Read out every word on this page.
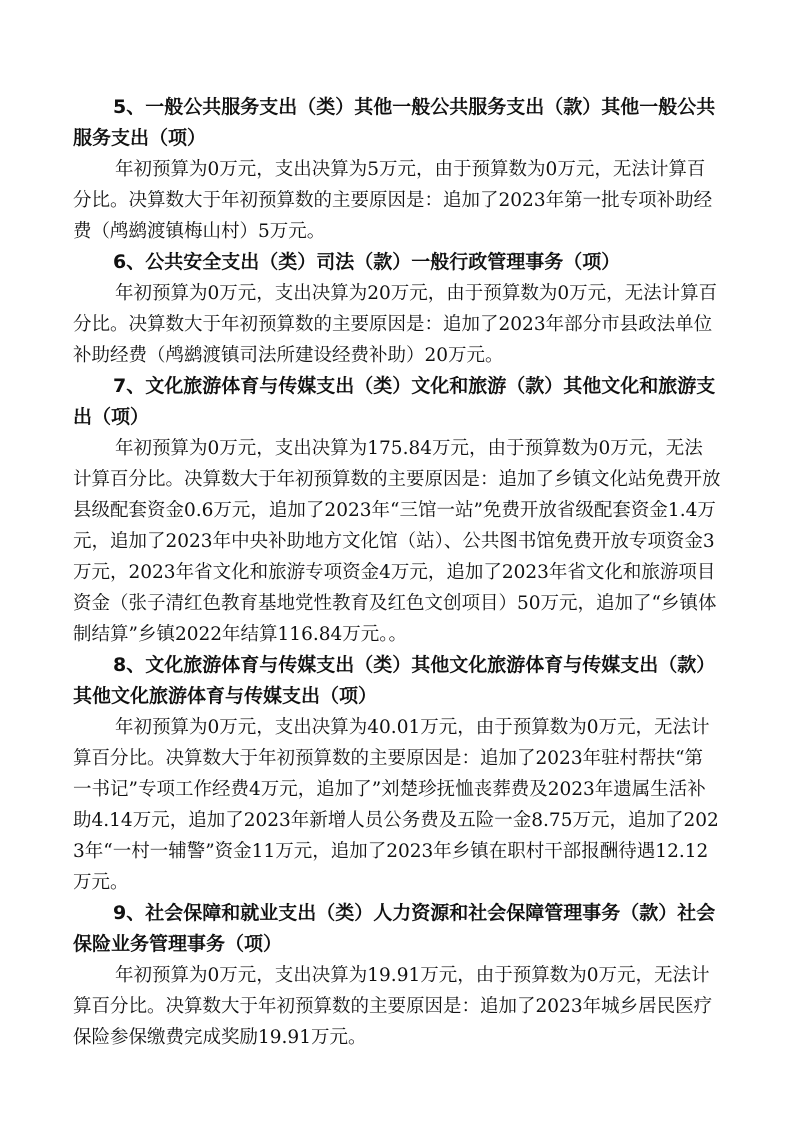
5、一般公共服务支出（类）其他一般公共服务支出（款）其他一般公共服务支出（项）

年初预算为0万元，支出决算为5万元，由于预算数为0万元，无法计算百分比。决算数大于年初预算数的主要原因是：追加了2023年第一批专项补助经费（鸬鹚渡镇梅山村）5万元。

6、公共安全支出（类）司法（款）一般行政管理事务（项）

年初预算为0万元，支出决算为20万元，由于预算数为0万元，无法计算百分比。决算数大于年初预算数的主要原因是：追加了2023年部分市县政法单位补助经费（鸬鹚渡镇司法所建设经费补助）20万元。

7、文化旅游体育与传媒支出（类）文化和旅游（款）其他文化和旅游支出（项）

年初预算为0万元，支出决算为175.84万元，由于预算数为0万元，无法计算百分比。决算数大于年初预算数的主要原因是：追加了乡镇文化站免费开放县级配套资金0.6万元，追加了2023年“三馆一站”免费开放省级配套资金1.4万元，追加了2023年中央补助地方文化馆（站）、公共图书馆免费开放专项资金3万元，2023年省文化和旅游专项资金4万元，追加了2023年省文化和旅游项目资金（张子清红色教育基地党性教育及红色文创项目）50万元，追加了“乡镇体制结算”乡镇2022年结算116.84万元。。

8、文化旅游体育与传媒支出（类）其他文化旅游体育与传媒支出（款）其他文化旅游体育与传媒支出（项）

年初预算为0万元，支出决算为40.01万元，由于预算数为0万元，无法计算百分比。决算数大于年初预算数的主要原因是：追加了2023年驻村帮扶“第一书记”专项工作经费4万元，追加了”刘楚珍抚恤丧葬费及2023年遗属生活补助4.14万元，追加了2023年新增人员公务费及五险一金8.75万元，追加了2023年“一村一辅警”资金11万元，追加了2023年乡镇在职村干部报酬待遇12.12万元。

9、社会保障和就业支出（类）人力资源和社会保障管理事务（款）社会保险业务管理事务（项）

年初预算为0万元，支出决算为19.91万元，由于预算数为0万元，无法计算百分比。决算数大于年初预算数的主要原因是：追加了2023年城乡居民医疗保险参保缴费完成奖励19.91万元。
